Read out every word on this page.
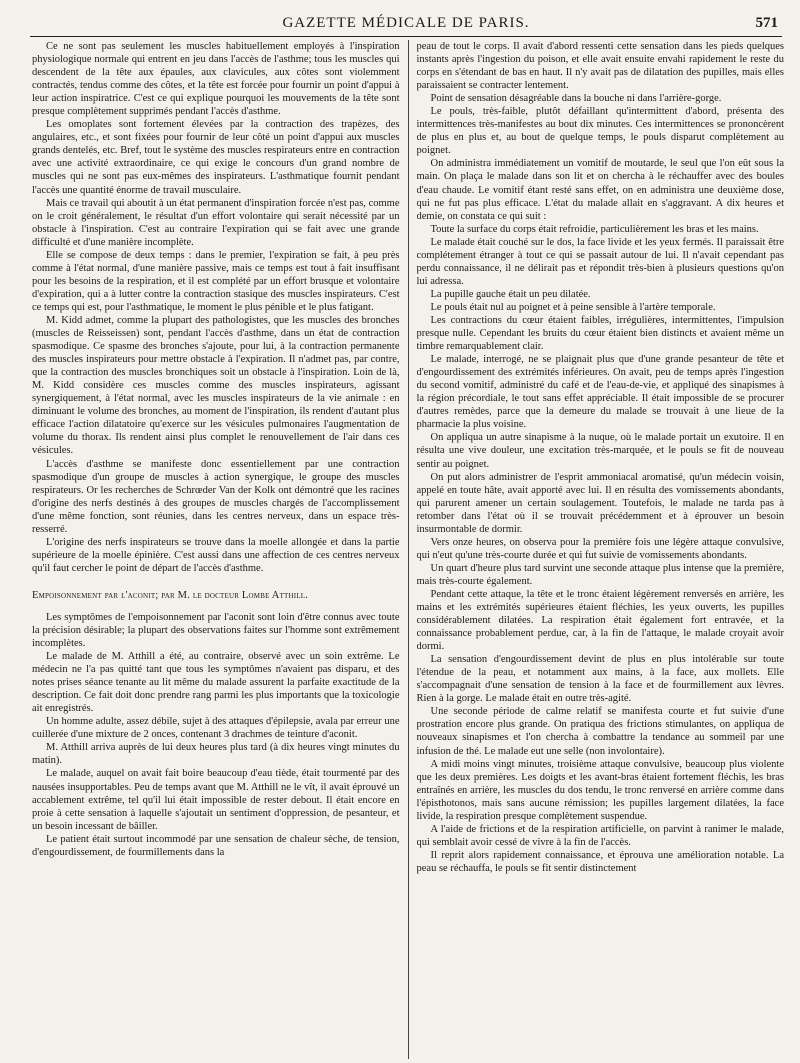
GAZETTE MÉDICALE DE PARIS.	571

Ce ne sont pas seulement les muscles habituellement employés à l'inspiration physiologique normale qui entrent en jeu dans l'accès de l'asthme; tous les muscles qui descendent de la tête aux épaules, aux clavicules, aux côtes sont violemment contractés, tendus comme des côtes, et la tête est forcée pour fournir un point d'appui à leur action inspiratrice. C'est ce qui explique pourquoi les mouvements de la tête sont presque complètement supprimés pendant l'accès d'asthme.

Les omoplates sont fortement élevées par la contraction des trapèzes, des angulaires, etc., et sont fixées pour fournir de leur côté un point d'appui aux muscles grands dentelés, etc. Bref, tout le système des muscles respirateurs entre en contraction avec une activité extraordinaire, ce qui exige le concours d'un grand nombre de muscles qui ne sont pas eux-mêmes des inspirateurs. L'asthmatique fournit pendant l'accès une quantité énorme de travail musculaire.

Mais ce travail qui aboutit à un état permanent d'inspiration forcée n'est pas, comme on le croit généralement, le résultat d'un effort volontaire qui serait nécessité par un obstacle à l'inspiration. C'est au contraire l'expiration qui se fait avec une grande difficulté et d'une manière incomplète.

Elle se compose de deux temps : dans le premier, l'expiration se fait, à peu près comme à l'état normal, d'une manière passive, mais ce temps est tout à fait insuffisant pour les besoins de la respiration, et il est complété par un effort brusque et volontaire d'expiration, qui a à lutter contre la contraction stasique des muscles inspirateurs. C'est ce temps qui est, pour l'asthmatique, le moment le plus pénible et le plus fatigant.

M. Kidd admet, comme la plupart des pathologistes, que les muscles des bronches (muscles de Reisseissen) sont, pendant l'accès d'asthme, dans un état de contraction spasmodique. Ce spasme des bronches s'ajoute, pour lui, à la contraction permanente des muscles inspirateurs pour mettre obstacle à l'expiration. Il n'admet pas, par contre, que la contraction des muscles bronchiques soit un obstacle à l'inspiration. Loin de là, M. Kidd considère ces muscles comme des muscles inspirateurs, agissant synergiquement, à l'état normal, avec les muscles inspirateurs de la vie animale : en diminuant le volume des bronches, au moment de l'inspiration, ils rendent d'autant plus efficace l'action dilatatoire qu'exerce sur les vésicules pulmonaires l'augmentation de volume du thorax. Ils rendent ainsi plus complet le renouvellement de l'air dans ces vésicules.

L'accès d'asthme se manifeste donc essentiellement par une contraction spasmodique d'un groupe de muscles à action synergique, le groupe des muscles respirateurs. Or les recherches de Schrœder Van der Kolk ont démontré que les racines d'origine des nerfs destinés à des groupes de muscles chargés de l'accomplissement d'une même fonction, sont réunies, dans les centres nerveux, dans un espace très-resserré.

L'origine des nerfs inspirateurs se trouve dans la moelle allongée et dans la partie supérieure de la moelle épinière. C'est aussi dans une affection de ces centres nerveux qu'il faut cercher le point de départ de l'accès d'asthme.

Empoisonnement par l'aconit; par M. le docteur Lombe Atthill.

Les symptômes de l'empoisonnement par l'aconit sont loin d'être connus avec toute la précision désirable; la plupart des observations faites sur l'homme sont extrêmement incomplètes.

Le malade de M. Atthill a été, au contraire, observé avec un soin extrême. Le médecin ne l'a pas quitté tant que tous les symptômes n'avaient pas disparu, et des notes prises séance tenante au lit même du malade assurent la parfaite exactitude de la description. Ce fait doit donc prendre rang parmi les plus importants que la toxicologie ait enregistrés.

Un homme adulte, assez débile, sujet à des attaques d'épilepsie, avala par erreur une cuillerée d'une mixture de 2 onces, contenant 3 drachmes de teinture d'aconit.

M. Atthill arriva auprès de lui deux heures plus tard (à dix heures vingt minutes du matin).

Le malade, auquel on avait fait boire beaucoup d'eau tiède, était tourmenté par des nausées insupportables. Peu de temps avant que M. Atthill ne le vît, il avait éprouvé un accablement extrême, tel qu'il lui était impossible de rester debout. Il était encore en proie à cette sensation à laquelle s'ajoutait un sentiment d'oppression, de pesanteur, et un besoin incessant de bâiller.

Le patient était surtout incommodé par une sensation de chaleur sèche, de tension, d'engourdissement, de fourmillements dans la

peau de tout le corps. Il avait d'abord ressenti cette sensation dans les pieds quelques instants après l'ingestion du poison, et elle avait ensuite envahi rapidement le reste du corps en s'étendant de bas en haut. Il n'y avait pas de dilatation des pupilles, mais elles paraissaient se contracter lentement.

Point de sensation désagréable dans la bouche ni dans l'arrière-gorge.

Le pouls, très-faible, plutôt défaillant qu'intermittent d'abord, présenta des intermittences très-manifestes au bout dix minutes. Ces intermittences se prononcèrent de plus en plus et, au bout de quelque temps, le pouls disparut complètement au poignet.

On administra immédiatement un vomitif de moutarde, le seul que l'on eût sous la main. On plaça le malade dans son lit et on chercha à le réchauffer avec des boules d'eau chaude. Le vomitif étant resté sans effet, on en administra une deuxième dose, qui ne fut pas plus efficace. L'état du malade allait en s'aggravant. A dix heures et demie, on constata ce qui suit :

Toute la surface du corps était refroidie, particulièrement les bras et les mains.

Le malade était couché sur le dos, la face livide et les yeux fermés. Il paraissait être complétement étranger à tout ce qui se passait autour de lui. Il n'avait cependant pas perdu connaissance, il ne délirait pas et répondit très-bien à plusieurs questions qu'on lui adressa.

La pupille gauche était un peu dilatée.

Le pouls était nul au poignet et à peine sensible à l'artère temporale.

Les contractions du cœur étaient faibles, irrégulières, intermittentes, l'impulsion presque nulle. Cependant les bruits du cœur étaient bien distincts et avaient même un timbre remarquablement clair.

Le malade, interrogé, ne se plaignait plus que d'une grande pesanteur de tête et d'engourdissement des extrémités inférieures. On avait, peu de temps après l'ingestion du second vomitif, administré du café et de l'eau-de-vie, et appliqué des sinapismes à la région précordiale, le tout sans effet appréciable. Il était impossible de se procurer d'autres remèdes, parce que la demeure du malade se trouvait à une lieue de la pharmacie la plus voisine.

On appliqua un autre sinapisme à la nuque, où le malade portait un exutoire. Il en résulta une vive douleur, une excitation très-marquée, et le pouls se fit de nouveau sentir au poignet.

On put alors administrer de l'esprit ammoniacal aromatisé, qu'un médecin voisin, appelé en toute hâte, avait apporté avec lui. Il en résulta des vomissements abondants, qui parurent amener un certain soulagement. Toutefois, le malade ne tarda pas à retomber dans l'état où il se trouvait précédemment et à éprouver un besoin insurmontable de dormir.

Vers onze heures, on observa pour la première fois une légère attaque convulsive, qui n'eut qu'une très-courte durée et qui fut suivie de vomissements abondants.

Un quart d'heure plus tard survint une seconde attaque plus intense que la première, mais très-courte également.

Pendant cette attaque, la tête et le tronc étaient légèrement renversés en arrière, les mains et les extrémités supérieures étaient fléchies, les yeux ouverts, les pupilles considérablement dilatées. La respiration était également fort entravée, et la connaissance probablement perdue, car, à la fin de l'attaque, le malade croyait avoir dormi.

La sensation d'engourdissement devint de plus en plus intolérable sur toute l'étendue de la peau, et notamment aux mains, à la face, aux mollets. Elle s'accompagnait d'une sensation de tension à la face et de fourmillement aux lèvres. Rien à la gorge. Le malade était en outre très-agité.

Une seconde période de calme relatif se manifesta courte et fut suivie d'une prostration encore plus grande. On pratiqua des frictions stimulantes, on appliqua de nouveaux sinapismes et l'on chercha à combattre la tendance au sommeil par une infusion de thé. Le malade eut une selle (non involontaire).

A midi moins vingt minutes, troisième attaque convulsive, beaucoup plus violente que les deux premières. Les doigts et les avant-bras étaient fortement fléchis, les bras entraînés en arrière, les muscles du dos tendu, le tronc renversé en arrière comme dans l'épisthotonos, mais sans aucune rémission; les pupilles largement dilatées, la face livide, la respiration presque complètement suspendue.

A l'aide de frictions et de la respiration artificielle, on parvint à ranimer le malade, qui semblait avoir cessé de vivre à la fin de l'accès.

Il reprit alors rapidement connaissance, et éprouva une amélioration notable. La peau se réchauffa, le pouls se fit sentir distinctement
